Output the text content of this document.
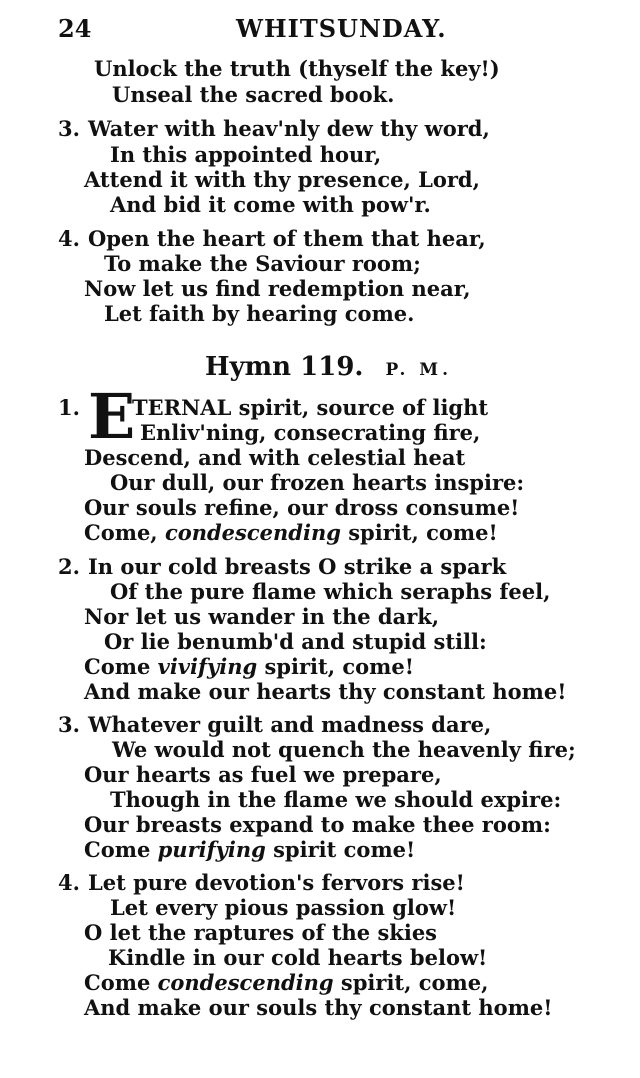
24	WHITSUNDAY.
Unlock the truth (thyself the key!)
Unseal the sacred book.
3. Water with heav'nly dew thy word,
In this appointed hour,
Attend it with thy presence, Lord,
And bid it come with pow'r.
4. Open the heart of them that hear,
To make the Saviour room;
Now let us find redemption near,
Let faith by hearing come.
Hymn 119. P. M.
1. E
TERNAL spirit, source of light
Enliv'ning, consecrating fire,
Descend, and with celestial heat
Our dull, our frozen hearts inspire:
Our souls refine, our dross consume!
Come, condescending spirit, come!
2. In our cold breasts O strike a spark
Of the pure flame which seraphs feel,
Nor let us wander in the dark,
Or lie benumb'd and stupid still:
Come vivifying spirit, come!
And make our hearts thy constant home!
3. Whatever guilt and madness dare,
We would not quench the heavenly fire;
Our hearts as fuel we prepare,
Though in the flame we should expire:
Our breasts expand to make thee room:
Come purifying spirit come!
4. Let pure devotion's fervors rise!
Let every pious passion glow!
O let the raptures of the skies
Kindle in our cold hearts below!
Come condescending spirit, come,
And make our souls thy constant home!
